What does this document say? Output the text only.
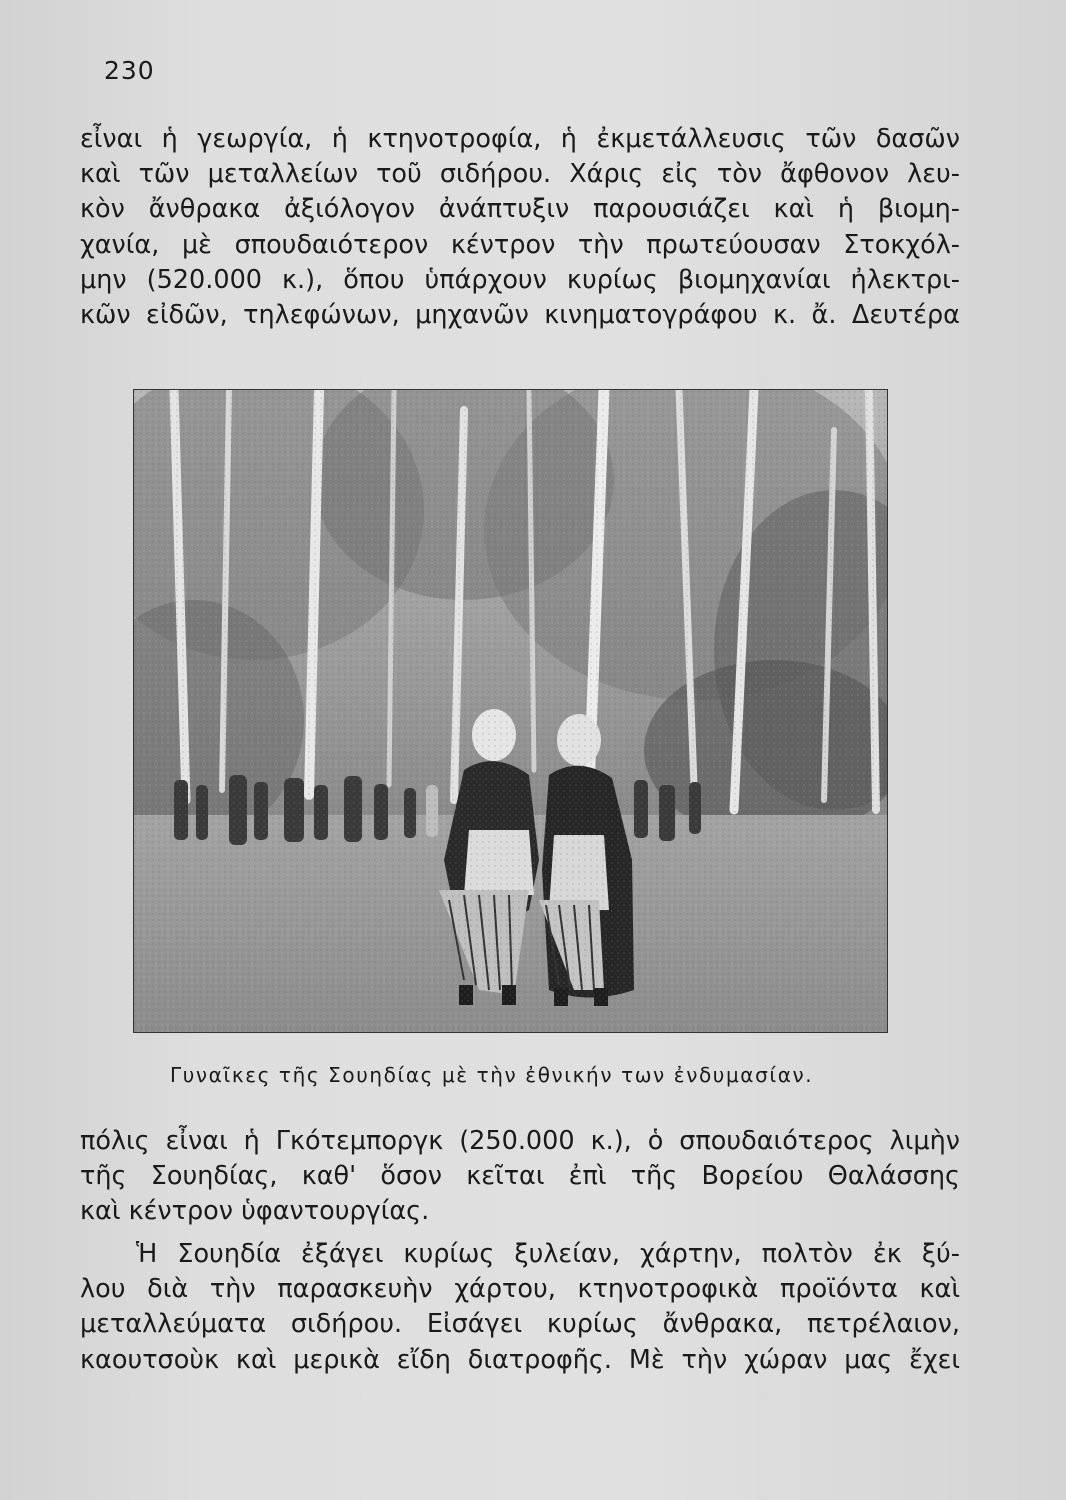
230
εἶναι ἡ γεωργία, ἡ κτηνοτροφία, ἡ ἐκμετάλλευσις τῶν δασῶν
καὶ τῶν μεταλλείων τοῦ σιδήρου. Χάρις εἰς τὸν ἄφθονον λευ-
κὸν ἄνθρακα ἀξιόλογον ἀνάπτυξιν παρουσιάζει καὶ ἡ βιομη-
χανία, μὲ σπουδαιότερον κέντρον τὴν πρωτεύουσαν Στοκχόλ-
μην (520.000 κ.), ὅπου ὑπάρχουν κυρίως βιομηχανίαι ἠλεκτρι-
κῶν εἰδῶν, τηλεφώνων, μηχανῶν κινηματογράφου κ. ἄ. Δευτέρα
Γυναῖκες τῆς Σουηδίας μὲ τὴν ἐθνικήν των ἐνδυμασίαν.
πόλις εἶναι ἡ Γκότεμποργκ (250.000 κ.), ὁ σπουδαιότερος λιμὴν
τῆς Σουηδίας, καθ' ὅσον κεῖται ἐπὶ τῆς Βορείου Θαλάσσης
καὶ κέντρον ὑφαντουργίας.
Ἡ Σουηδία ἐξάγει κυρίως ξυλείαν, χάρτην, πολτὸν ἐκ ξύ-
λου διὰ τὴν παρασκευὴν χάρτου, κτηνοτροφικὰ προϊόντα καὶ
μεταλλεύματα σιδήρου. Εἰσάγει κυρίως ἄνθρακα, πετρέλαιον,
καουτσοὺκ καὶ μερικὰ εἴδη διατροφῆς. Μὲ τὴν χώραν μας ἔχει
